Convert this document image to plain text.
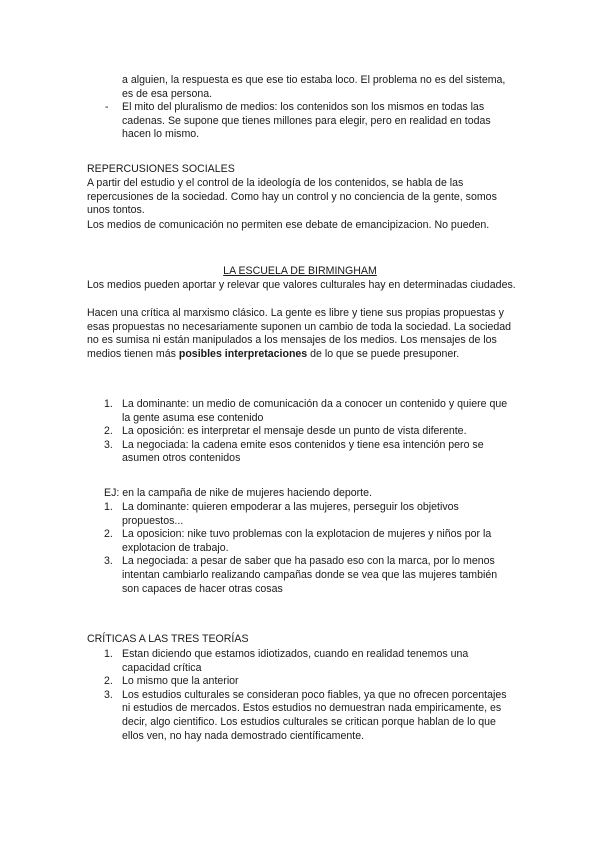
a alguien, la respuesta es que ese tio estaba loco. El problema no es del sistema, es de esa persona.

-	El mito del pluralismo de medios: los contenidos son los mismos en todas las cadenas. Se supone que tienes millones para elegir, pero en realidad en todas hacen lo mismo.

REPERCUSIONES SOCIALES

A partir del estudio y el control de la ideología de los contenidos, se habla de las repercusiones de la sociedad. Como hay un control y no conciencia de la gente, somos unos tontos.

Los medios de comunicación no permiten ese debate de emancipizacion. No pueden.

LA ESCUELA DE BIRMINGHAM

Los medios pueden aportar y relevar que valores culturales hay en determinadas ciudades.

Hacen una crítica al marxismo clásico. La gente es libre y tiene sus propias propuestas y esas propuestas no necesariamente suponen un cambio de toda la sociedad. La sociedad no es sumisa ni están manipulados a los mensajes de los medios. Los mensajes de los medios tienen más posibles interpretaciones de lo que se puede presuponer.

1. La dominante: un medio de comunicación da a conocer un contenido y quiere que la gente asuma ese contenido
2. La oposición: es interpretar el mensaje desde un punto de vista diferente.
3. La negociada: la cadena emite esos contenidos y tiene esa intención pero se asumen otros contenidos

EJ: en la campaña de nike de mujeres haciendo deporte.

1. La dominante: quieren empoderar a las mujeres, perseguir los objetivos propuestos...
2. La oposicion: nike tuvo problemas con la explotacion de mujeres y niños por la explotacion de trabajo.
3. La negociada: a pesar de saber que ha pasado eso con la marca, por lo menos intentan cambiarlo realizando campañas donde se vea que las mujeres también son capaces de hacer otras cosas

CRÍTICAS A LAS TRES TEORÍAS

1. Estan diciendo que estamos idiotizados, cuando en realidad tenemos una capacidad crítica
2. Lo mismo que la anterior
3. Los estudios culturales se consideran poco fiables, ya que no ofrecen porcentajes ni estudios de mercados. Estos estudios no demuestran nada empiricamente, es decir, algo cientifico. Los estudios culturales se critican porque hablan de lo que ellos ven, no hay nada demostrado científicamente.
